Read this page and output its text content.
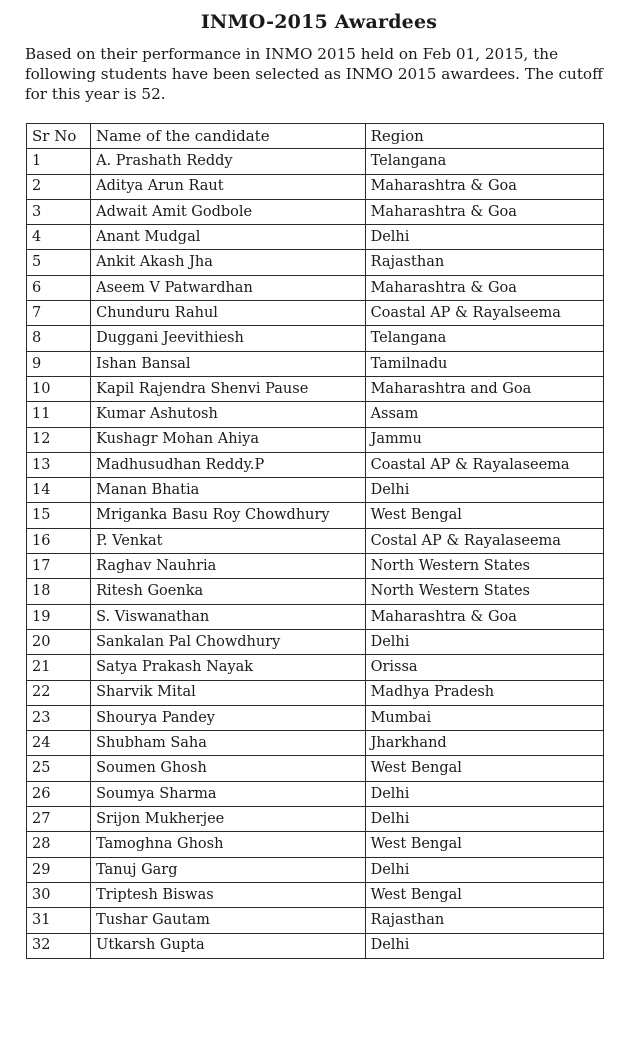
INMO-2015 Awardees
Based on their performance in INMO 2015 held on Feb 01, 2015, the following students have been selected as INMO 2015 awardees. The cutoff for this year is 52.
Sr No	Name of the candidate	Region
1	A. Prashath Reddy	Telangana
2	Aditya Arun Raut	Maharashtra & Goa
3	Adwait Amit Godbole	Maharashtra & Goa
4	Anant Mudgal	Delhi
5	Ankit Akash Jha	Rajasthan
6	Aseem V Patwardhan	Maharashtra & Goa
7	Chunduru Rahul	Coastal AP & Rayalseema
8	Duggani Jeevithiesh	Telangana
9	Ishan Bansal	Tamilnadu
10	Kapil Rajendra Shenvi Pause	Maharashtra and Goa
11	Kumar Ashutosh	Assam
12	Kushagr Mohan Ahiya	Jammu
13	Madhusudhan Reddy.P	Coastal AP & Rayalaseema
14	Manan Bhatia	Delhi
15	Mriganka Basu Roy Chowdhury	West Bengal
16	P. Venkat	Costal AP & Rayalaseema
17	Raghav Nauhria	North Western States
18	Ritesh Goenka	North Western States
19	S. Viswanathan	Maharashtra & Goa
20	Sankalan Pal Chowdhury	Delhi
21	Satya Prakash Nayak	Orissa
22	Sharvik Mital	Madhya Pradesh
23	Shourya Pandey	Mumbai
24	Shubham Saha	Jharkhand
25	Soumen Ghosh	West Bengal
26	Soumya Sharma	Delhi
27	Srijon Mukherjee	Delhi
28	Tamoghna Ghosh	West Bengal
29	Tanuj Garg	Delhi
30	Triptesh Biswas	West Bengal
31	Tushar Gautam	Rajasthan
32	Utkarsh Gupta	Delhi
